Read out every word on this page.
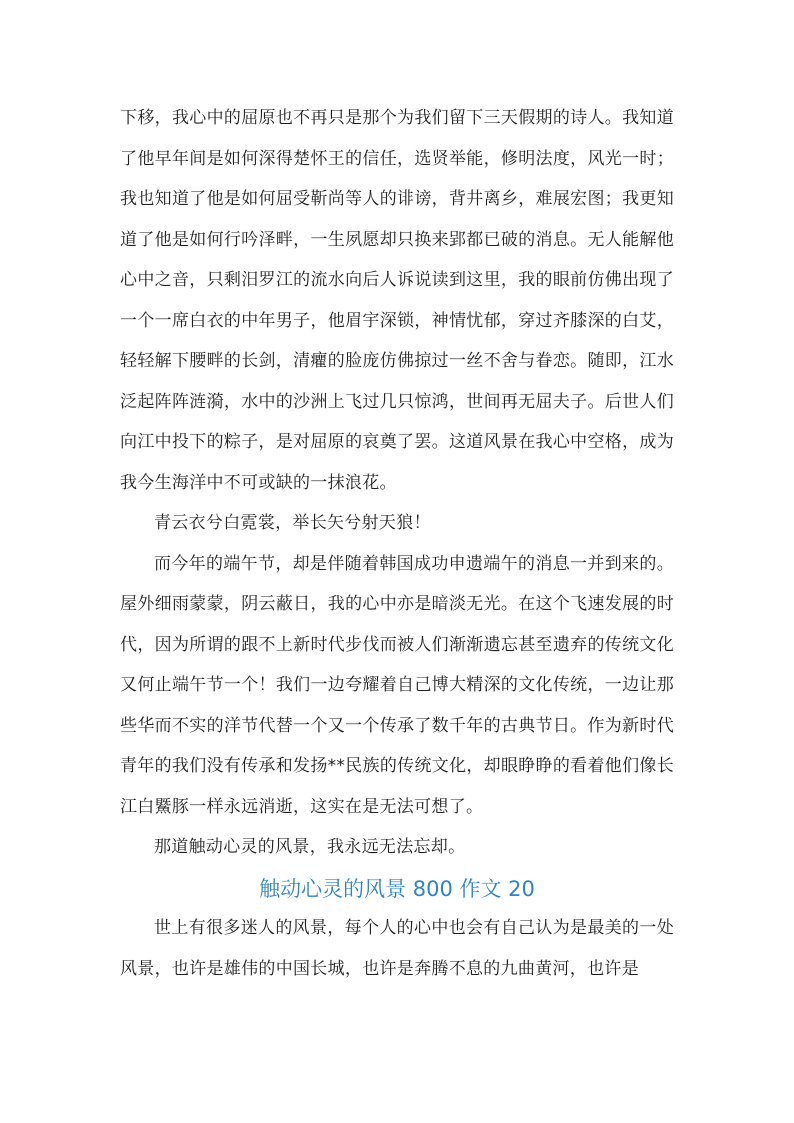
下移，我心中的屈原也不再只是那个为我们留下三天假期的诗人。我知道了他早年间是如何深得楚怀王的信任，选贤举能，修明法度，风光一时；我也知道了他是如何屈受靳尚等人的诽谤，背井离乡，难展宏图；我更知道了他是如何行吟泽畔，一生夙愿却只换来郢都已破的消息。无人能解他心中之音，只剩汨罗江的流水向后人诉说读到这里，我的眼前仿佛出现了一个一席白衣的中年男子，他眉宇深锁，神情忧郁，穿过齐膝深的白艾，轻轻解下腰畔的长剑，清癯的脸庞仿佛掠过一丝不舍与眷恋。随即，江水泛起阵阵涟漪，水中的沙洲上飞过几只惊鸿，世间再无屈夫子。后世人们向江中投下的粽子，是对屈原的哀奠了罢。这道风景在我心中空格，成为我今生海洋中不可或缺的一抹浪花。

青云衣兮白霓裳，举长矢兮射天狼！

而今年的端午节，却是伴随着韩国成功申遗端午的消息一并到来的。屋外细雨蒙蒙，阴云蔽日，我的心中亦是暗淡无光。在这个飞速发展的时代，因为所谓的跟不上新时代步伐而被人们渐渐遗忘甚至遗弃的传统文化又何止端午节一个！我们一边夸耀着自己博大精深的文化传统，一边让那些华而不实的洋节代替一个又一个传承了数千年的古典节日。作为新时代青年的我们没有传承和发扬**民族的传统文化，却眼睁睁的看着他们像长江白鱀豚一样永远消逝，这实在是无法可想了。

那道触动心灵的风景，我永远无法忘却。

触动心灵的风景 800 作文 20

世上有很多迷人的风景，每个人的心中也会有自己认为是最美的一处风景，也许是雄伟的中国长城，也许是奔腾不息的九曲黄河，也许是
